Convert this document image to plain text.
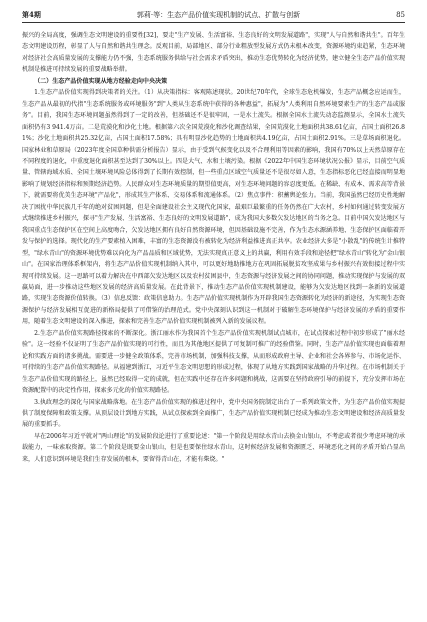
第4期	郭莉·等：生态产品价值实现机制的试点、扩散与创新	85

振兴的全局高度，强调生态文明建设的重要性[32]，要走"生产发展、生活富裕、生态良好的文明发展道路"，实现"人与自然和谐共生"。百年生态文明建设历程，彰显了人与自然和谐共生理念。反观目前，局部地区、部分行业粗放型发展方式仍未根本改变，资源环境约束趋紧，生态环境对经济社会高质量发展的支撑能力仍不强，生态系统服务供给与社会需求矛盾突出，推动生态优势转化为经济优势，建立健全生态产品价值实现机制是推进可持续发展的重要战略举措。

（二）生态产品价值实现从地方经验走向中央决策

1.生态产品价值实现得到决策者的关注。（1）从决策指标：客观陈述现状。20世纪70年代，全球生态危机爆发，生态产品概念应运而生，生态产品从最初的代指"生态系统服务或环境服务"到"人类从生态系统中获得的各种惠益"，拓展为"人类利用自然环境要素生产的生态产品或服务"。目前，我国生态环境问题虽然得到了一定的改善，但基础还不是很牢固，一是水土流失。根据全国水土流失动态监测显示，全国水土流失面积仍有3 941.4万亩。二是荒漠化和沙化土地。根据第六次全国荒漠化和沙化调查结果，全国荒漠化土地面积共38.61亿亩，占国土面积26.81%；沙化土地面积共25.32亿亩，占国土面积17.58%；具有明显沙化趋势的土地面积共4.19亿亩，占国土面积2.91%。三是草场面积退化。国家林业和草原局（2023年度全国草种供需分析报告）显示，由于受到气候变化以及不合理利用等因素的影响，我国有70%以上天然草原存在不同程度的退化，中重度退化面积甚至达到了30%以上。四是大气、水和土壤污染。根据《2022年中国生态环境状况公报》显示，目前空气质量、管辖海域水质、全国土壤环境风险总体得到了长期有效控制，但一些重点区域空气质量还不是很尽如人意，生态指标恶化已经直接而明显地影响了规划经济指标和预期经济趋势。人民群众对生态环境质量的期望值更高，对生态环境问题的容忍度更低。在稀缺、有成本、需求高等背景下，就需要将优美生态环境"产品化"，形成其生产体系、交易体系和流通体系。（2）焦点事件：积蓄舆论张力。当前，我国虽然已经历史性地解决了困扰中华民族几千年的绝对贫困问题，但是全面建设社会主义现代化国家，最艰巨最繁重的任务仍然在广大农村，乡村如何通过转变发展方式继续推进乡村振兴，探寻"生产发展、生活富裕、生态良好的文明发展道路"，成为我国大多数欠发达地区的当务之急。目前中国欠发达地区与我国重点生态保护区在空间上高度吻合，欠发达地区拥有良好自然资源环境，但因基础设施不完善，作为生态水源涵养地、生态保护区面临着开发与保护的选择。现代化的生产要素植入困难，丰富的生态资源没有被转化为经济利益推进真正共享。农业经济大多是"小散乱"的传统生计推特型，"绿水青山"的资源环境优势难以向化为产品品质和区域优势，无法实现真正意义上的共赢，利用有效手段和途径把"绿水青山"转化为"金山银山"。在国家治理体系框架内，将生态产品价值实现机制纳入其中，可以更好地助推地方在巩固拓展脱贫攻坚成果与乡村振兴有效衔接过程中实现可持续发展。这一思路可以着力解决在中西部欠发达地区以及农村贫困县中，生态资源与经济发展之间的协同问题，推动实现保护与发展的双赢局面，进一步推动这些地区发展的经济高质量发展。在此背景下，推动生态产品价值实现机制建设，能够为欠发达地区找到一条新的发展道路，实现生态资源价值转换。（3）信息反馈：政策信息助力。生态产品价值实现机制作为开辟我国生态资源转化为经济的新途径，为实现生态资源保护与经济发展相互促进的新格局提供了可借鉴的治理范式。党中央深刻认识到这一机制对于破解生态环境保护与经济发展的矛盾的重要作用，随着生态文明建设的深入推进，探索和完善生态产品价值实现机制被列入新的发展议程。

2.生态产品价值实现路径探索的不断深化。浙江丽水作为我国首个生态产品价值实现机制试点城市，在试点探索过程中初步形成了"丽水经验"。这一经验不仅证明了生态产品价值实现的可行性，而且为其他地区提供了可复制可推广的经验借鉴。同时，生态产品价值实现也面临着理论和实践方面的诸多挑战。需要进一步健全政策体系，完善市场机制，加强科技支撑，从而形成政府主导、企业和社会各界参与、市场化运作、可持续的生态产品价值实现路径。从福建到浙江，习近平生态文明思想的形成过程，体现了从地方实践到国家战略的升华过程。在市场机制关于生态产品价值实现的路径上，虽然已经取得一定的成就，但在实践中还存在许多问题和挑战，这需要在坚持政府引导的前提下，充分发挥市场在资源配置中的决定性作用，探索多元化的价值实现路径。

3.执政理念的深化与国家战略落地。在生态产品价值实现的推进过程中，党中央国务院制定出台了一系列政策文件，为生态产品价值实现提供了制度保障和政策支撑。从顶层设计到地方实践，从试点探索到全面推广，生态产品价值实现机制已经成为推动生态文明建设和经济高质量发展的重要抓手。

早在2006年习近平就对"两山理论"的发展阶段论进行了重要论述："第一个阶段是用绿水青山去换金山银山，不考虑或者很少考虑环境的承载能力，一味索取资源。第二个阶段是既要金山银山，但是也要保住绿水青山，这时候经济发展和资源匮乏、环境恶化之间的矛盾开始凸显出来，人们意识到环境是我们生存发展的根本，要留得青山在，才能有柴烧。"
